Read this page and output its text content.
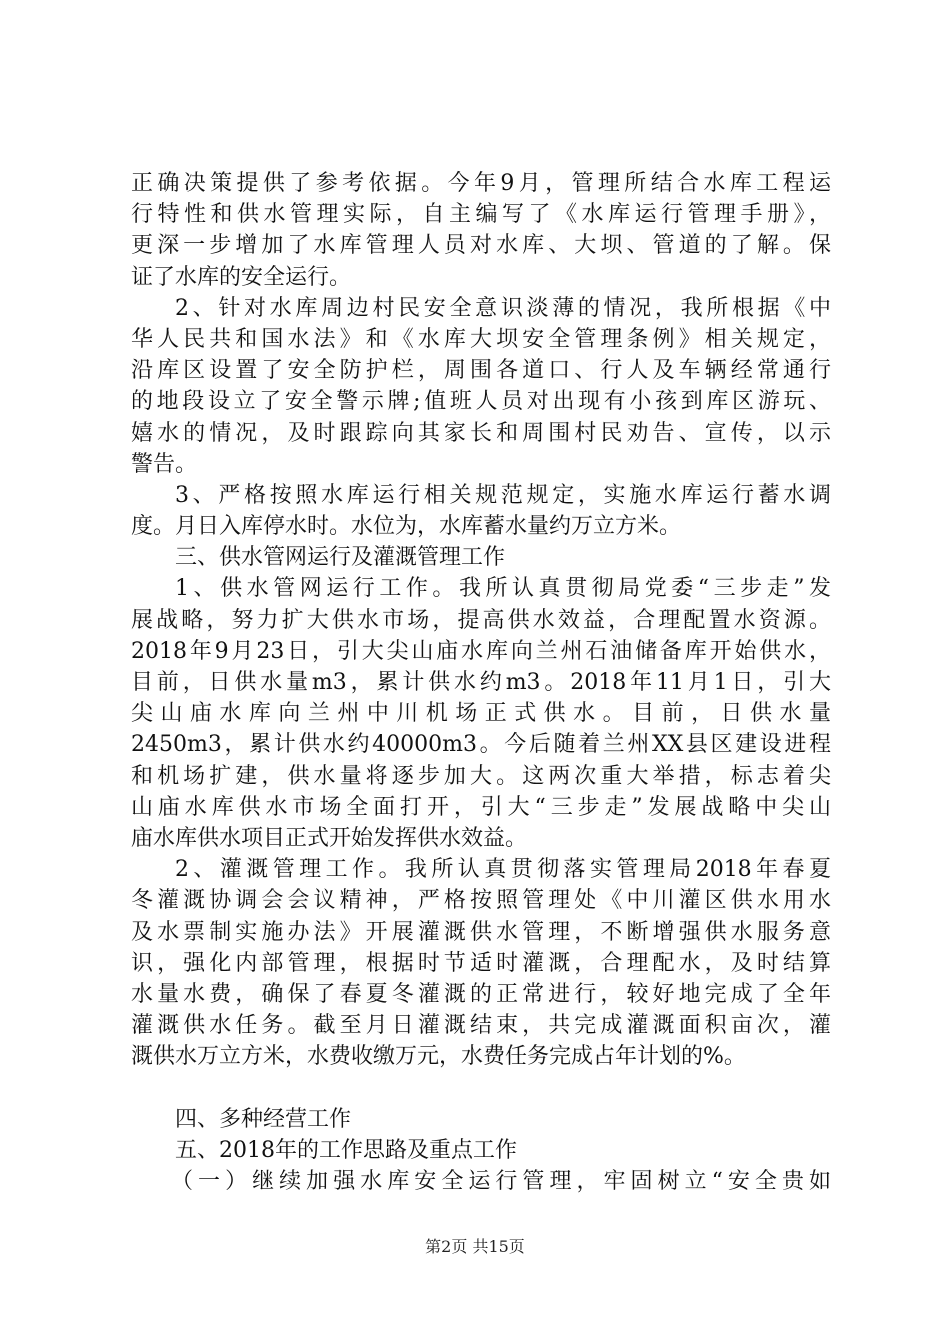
正确决策提供了参考依据。今年9月，管理所结合水库工程运
行特性和供水管理实际，自主编写了《水库运行管理手册》，
更深一步增加了水库管理人员对水库、大坝、管道的了解。保
证了水库的安全运行。
2、针对水库周边村民安全意识淡薄的情况，我所根据《中
华人民共和国水法》和《水库大坝安全管理条例》相关规定，
沿库区设置了安全防护栏，周围各道口、行人及车辆经常通行
的地段设立了安全警示牌;值班人员对出现有小孩到库区游玩、
嬉水的情况，及时跟踪向其家长和周围村民劝告、宣传，以示
警告。
3、严格按照水库运行相关规范规定，实施水库运行蓄水调
度。月日入库停水时。水位为，水库蓄水量约万立方米。
三、供水管网运行及灌溉管理工作
1、供水管网运行工作。我所认真贯彻局党委“三步走”发
展战略，努力扩大供水市场，提高供水效益，合理配置水资源。
2018年9月23日，引大尖山庙水库向兰州石油储备库开始供水，
目前，日供水量m3，累计供水约m3。2018年11月1日，引大
尖山庙水库向兰州中川机场正式供水。目前，日供水量
2450m3，累计供水约40000m3。今后随着兰州XX县区建设进程
和机场扩建，供水量将逐步加大。这两次重大举措，标志着尖
山庙水库供水市场全面打开，引大“三步走”发展战略中尖山
庙水库供水项目正式开始发挥供水效益。
2、灌溉管理工作。我所认真贯彻落实管理局2018年春夏
冬灌溉协调会会议精神，严格按照管理处《中川灌区供水用水
及水票制实施办法》开展灌溉供水管理，不断增强供水服务意
识，强化内部管理，根据时节适时灌溉，合理配水，及时结算
水量水费，确保了春夏冬灌溉的正常进行，较好地完成了全年
灌溉供水任务。截至月日灌溉结束，共完成灌溉面积亩次，灌
溉供水万立方米，水费收缴万元，水费任务完成占年计划的%。
四、多种经营工作
五、2018年的工作思路及重点工作
（一）继续加强水库安全运行管理，牢固树立“安全贵如
第2页 共15页
